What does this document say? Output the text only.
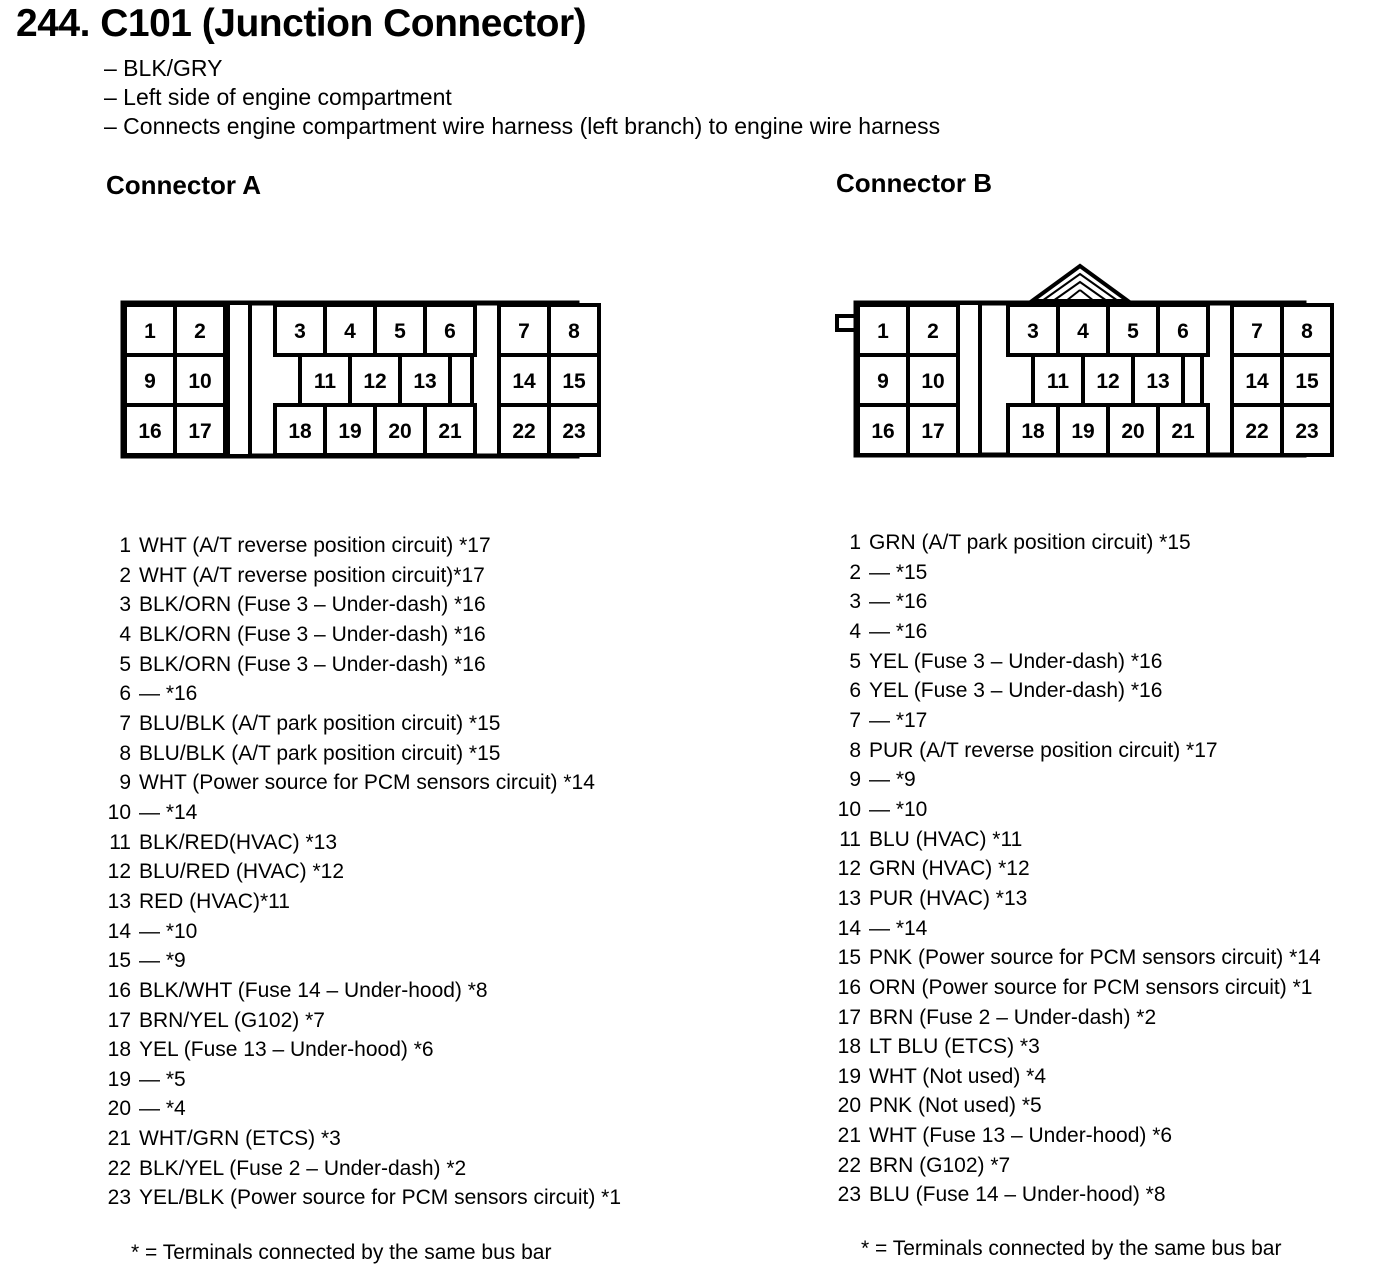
244. C101 (Junction Connector)
– BLK/GRY
– Left side of engine compartment
– Connects engine compartment wire harness (left branch) to engine wire harness
Connector A	Connector B
1 2	3 4 5 6	7 8
9 10	11 12 13	14 15
16 17	18 19 20 21 22 23
1 2	3 4 5 6	7 8
9 10	11 12 13	14 15
16 17	18 19 20 21 22 23
1 WHT (A/T reverse position circuit) *17
2 WHT (A/T reverse position circuit)*17
3 BLK/ORN (Fuse 3 – Under-dash) *16
4 BLK/ORN (Fuse 3 – Under-dash) *16
5 BLK/ORN (Fuse 3 – Under-dash) *16
6 — *16
7 BLU/BLK (A/T park position circuit) *15
8 BLU/BLK (A/T park position circuit) *15
9 WHT (Power source for PCM sensors circuit) *14
10 — *14
11 BLK/RED(HVAC) *13
12 BLU/RED (HVAC) *12
13 RED (HVAC)*11
14 — *10
15 — *9
16 BLK/WHT (Fuse 14 – Under-hood) *8
17 BRN/YEL (G102) *7
18 YEL (Fuse 13 – Under-hood) *6
19 — *5
20 — *4
21 WHT/GRN (ETCS) *3
22 BLK/YEL (Fuse 2 – Under-dash) *2
23 YEL/BLK (Power source for PCM sensors circuit) *1
1 GRN (A/T park position circuit) *15
2 — *15
3 — *16
4 — *16
5 YEL (Fuse 3 – Under-dash) *16
6 YEL (Fuse 3 – Under-dash) *16
7 — *17
8 PUR (A/T reverse position circuit) *17
9 — *9
10 — *10
11 BLU (HVAC) *11
12 GRN (HVAC) *12
13 PUR (HVAC) *13
14 — *14
15 PNK (Power source for PCM sensors circuit) *14
16 ORN (Power source for PCM sensors circuit) *1
17 BRN (Fuse 2 – Under-dash) *2
18 LT BLU (ETCS) *3
19 WHT (Not used) *4
20 PNK (Not used) *5
21 WHT (Fuse 13 – Under-hood) *6
22 BRN (G102) *7
23 BLU (Fuse 14 – Under-hood) *8
* = Terminals connected by the same bus bar	* = Terminals connected by the same bus bar
